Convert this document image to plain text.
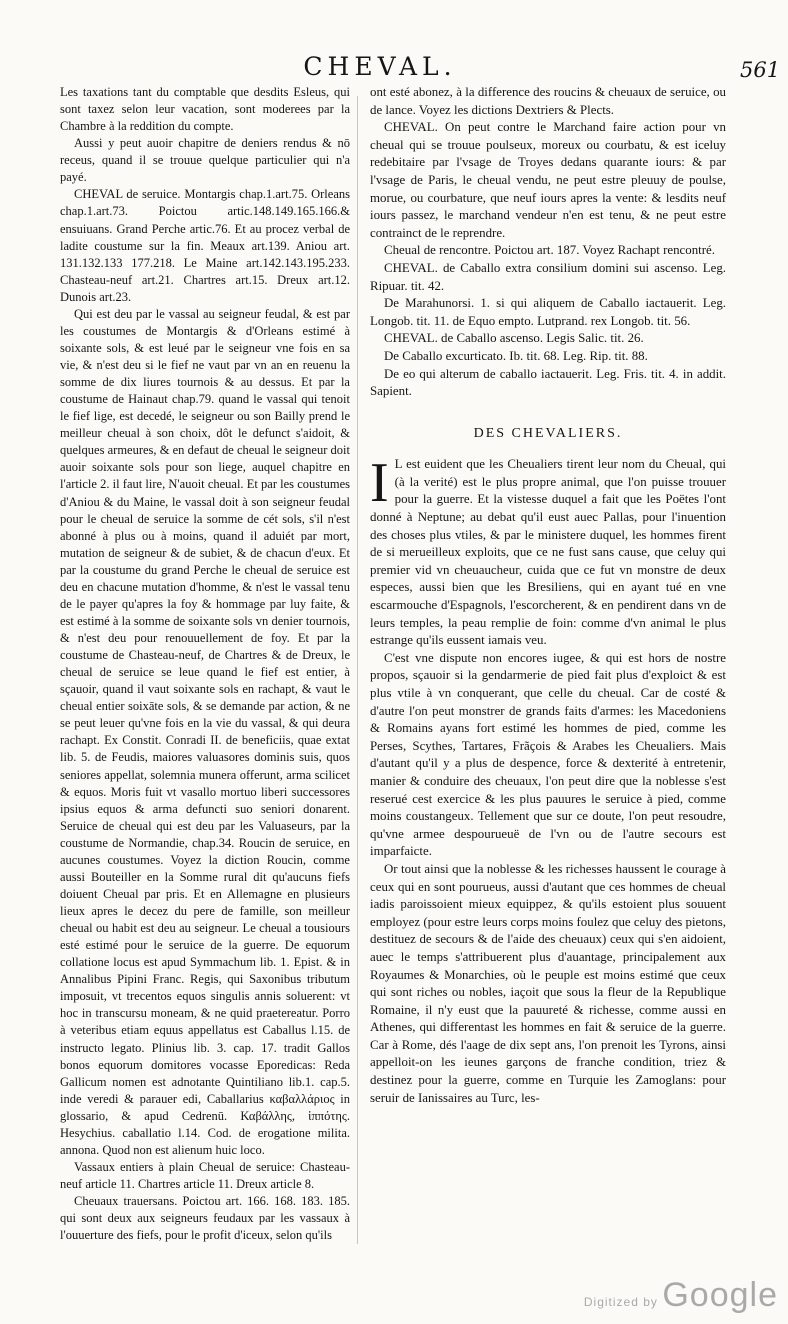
CHEVAL.	561

Les taxations tant du comptable que desdits Esleus, qui sont taxez selon leur vacation, sont moderees par la Chambre à la reddition du compte.

Aussi y peut auoir chapitre de deniers rendus & nō receus, quand il se trouue quelque particulier qui n'a payé.

CHEVAL de seruice. Montargis chap.1.art.75. Orleans chap.1.art.73. Poictou artic.148.149.165.166.& ensuiuans. Grand Perche artic.76. Et au procez verbal de ladite coustume sur la fin. Meaux art.139. Aniou art. 131.132.133 177.218. Le Maine art.142.143.195.233. Chasteau-neuf art.21. Chartres art.15. Dreux art.12. Dunois art.23.

Qui est deu par le vassal au seigneur feudal, & est par les coustumes de Montargis & d'Orleans estimé à soixante sols, & est leué par le seigneur vne fois en sa vie, & n'est deu si le fief ne vaut par vn an en reuenu la somme de dix liures tournois & au dessus. Et par la coustume de Hainaut chap.79. quand le vassal qui tenoit le fief lige, est decedé, le seigneur ou son Bailly prend le meilleur cheual à son choix, dôt le defunct s'aidoit, & quelques armeures, & en defaut de cheual le seigneur doit auoir soixante sols pour son liege, auquel chapitre en l'article 2. il faut lire, N'auoit cheual. Et par les coustumes d'Aniou & du Maine, le vassal doit à son seigneur feudal pour le cheual de seruice la somme de cét sols, s'il n'est abonné à plus ou à moins, quand il aduiét par mort, mutation de seigneur & de subiet, & de chacun d'eux. Et par la coustume du grand Perche le cheual de seruice est deu en chacune mutation d'homme, & n'est le vassal tenu de le payer qu'apres la foy & hommage par luy faite, & est estimé à la somme de soixante sols vn denier tournois, & n'est deu pour renouuellement de foy. Et par la coustume de Chasteau-neuf, de Chartres & de Dreux, le cheual de seruice se leue quand le fief est entier, à sçauoir, quand il vaut soixante sols en rachapt, & vaut le cheual entier soixāte sols, & se demande par action, & ne se peut leuer qu'vne fois en la vie du vassal, & qui deura rachapt. Ex Constit. Conradi II. de beneficiis, quae extat lib. 5. de Feudis, maiores valuasores dominis suis, quos seniores appellat, solemnia munera offerunt, arma scilicet & equos. Moris fuit vt vasallo mortuo liberi successores ipsius equos & arma defuncti suo seniori donarent. Seruice de cheual qui est deu par les Valuaseurs, par la coustume de Normandie, chap.34. Roucin de seruice, en aucunes coustumes. Voyez la diction Roucin, comme aussi Bouteiller en la Somme rural dit qu'aucuns fiefs doiuent Cheual par pris. Et en Allemagne en plusieurs lieux apres le decez du pere de famille, son meilleur cheual ou habit est deu au seigneur. Le cheual a tousiours esté estimé pour le seruice de la guerre. De equorum collatione locus est apud Symmachum lib. 1. Epist. & in Annalibus Pipini Franc. Regis, qui Saxonibus tributum imposuit, vt trecentos equos singulis annis soluerent: vt hoc in transcursu moneam, & ne quid praetereatur. Porro à veteribus etiam equus appellatus est Caballus l.15. de instructo legato. Plinius lib. 3. cap. 17. tradit Gallos bonos equorum domitores vocasse Eporedicas: Reda Gallicum nomen est adnotante Quintiliano lib.1. cap.5. inde veredi & parauer edi, Caballarius καβαλλάριος in glossario, & apud Cedrenū. Καβάλλης, ἱππότης. Hesychius. caballatio l.14. Cod. de erogatione milita. annona. Quod non est alienum huic loco.

Vassaux entiers à plain Cheual de seruice: Chasteau-neuf article 11. Chartres article 11. Dreux article 8.

Cheuaux trauersans. Poictou art. 166. 168. 183. 185. qui sont deux aux seigneurs feudaux par les vassaux à l'ouuerture des fiefs, pour le profit d'iceux, selon qu'ils

ont esté abonez, à la difference des roucins & cheuaux de seruice, ou de lance. Voyez les dictions Dextriers & Plects.

CHEVAL. On peut contre le Marchand faire action pour vn cheual qui se trouue poulseux, moreux ou courbatu, & est iceluy redebitaire par l'vsage de Troyes dedans quarante iours: & par l'vsage de Paris, le cheual vendu, ne peut estre pleuuy de poulse, morue, ou courbature, que neuf iours apres la vente: & lesdits neuf iours passez, le marchand vendeur n'en est tenu, & ne peut estre contrainct de le reprendre.

Cheual de rencontre. Poictou art. 187. Voyez Rachapt rencontré.

CHEVAL. de Caballo extra consilium domini sui ascenso. Leg. Ripuar. tit. 42.

De Marahunorsi. 1. si qui aliquem de Caballo iactauerit. Leg. Longob. tit. 11. de Equo empto. Lutprand. rex Longob. tit. 56.

CHEVAL. de Caballo ascenso. Legis Salic. tit. 26.

De Caballo excurticato. Ib. tit. 68. Leg. Rip. tit. 88.

De eo qui alterum de caballo iactauerit. Leg. Fris. tit. 4. in addit. Sapient.

DES CHEVALIERS.

I L est euident que les Cheualiers tirent leur nom du Cheual, qui (à la verité) est le plus propre animal, que l'on puisse trouuer pour la guerre. Et la vistesse duquel a fait que les Poëtes l'ont donné à Neptune; au debat qu'il eust auec Pallas, pour l'inuention des choses plus vtiles, & par le ministere duquel, les hommes firent de si merueilleux exploits, que ce ne fust sans cause, que celuy qui premier vid vn cheuaucheur, cuida que ce fut vn monstre de deux especes, aussi bien que les Bresiliens, qui en ayant tué en vne escarmouche d'Espagnols, l'escorcherent, & en pendirent dans vn de leurs temples, la peau remplie de foin: comme d'vn animal le plus estrange qu'ils eussent iamais veu.

C'est vne dispute non encores iugee, & qui est hors de nostre propos, sçauoir si la gendarmerie de pied fait plus d'exploict & est plus vtile à vn conquerant, que celle du cheual. Car de costé & d'autre l'on peut monstrer de grands faits d'armes: les Macedoniens & Romains ayans fort estimé les hommes de pied, comme les Perses, Scythes, Tartares, Frãçois & Arabes les Cheualiers. Mais d'autant qu'il y a plus de despence, force & dexterité à entretenir, manier & conduire des cheuaux, l'on peut dire que la noblesse s'est reserué cest exercice & les plus pauures le seruice à pied, comme moins coustangeux. Tellement que sur ce doute, l'on peut resoudre, qu'vne armee despourueuë de l'vn ou de l'autre secours est imparfaicte.

Or tout ainsi que la noblesse & les richesses haussent le courage à ceux qui en sont pourueus, aussi d'autant que ces hommes de cheual iadis paroissoient mieux equippez, & qu'ils estoient plus souuent employez (pour estre leurs corps moins foulez que celuy des pietons, destituez de secours & de l'aide des cheuaux) ceux qui s'en aidoient, auec le temps s'attribuerent plus d'auantage, principalement aux Royaumes & Monarchies, où le peuple est moins estimé que ceux qui sont riches ou nobles, iaçoit que sous la fleur de la Republique Romaine, il n'y eust que la pauureté & richesse, comme aussi en Athenes, qui differentast les hommes en fait & seruice de la guerre. Car à Rome, dés l'aage de dix sept ans, l'on prenoit les Tyrons, ainsi appelloit-on les ieunes garçons de franche condition, triez & destinez pour la guerre, comme en Turquie les Zamoglans: pour seruir de Ianissaires au Turc, les-

Digitized by Google
